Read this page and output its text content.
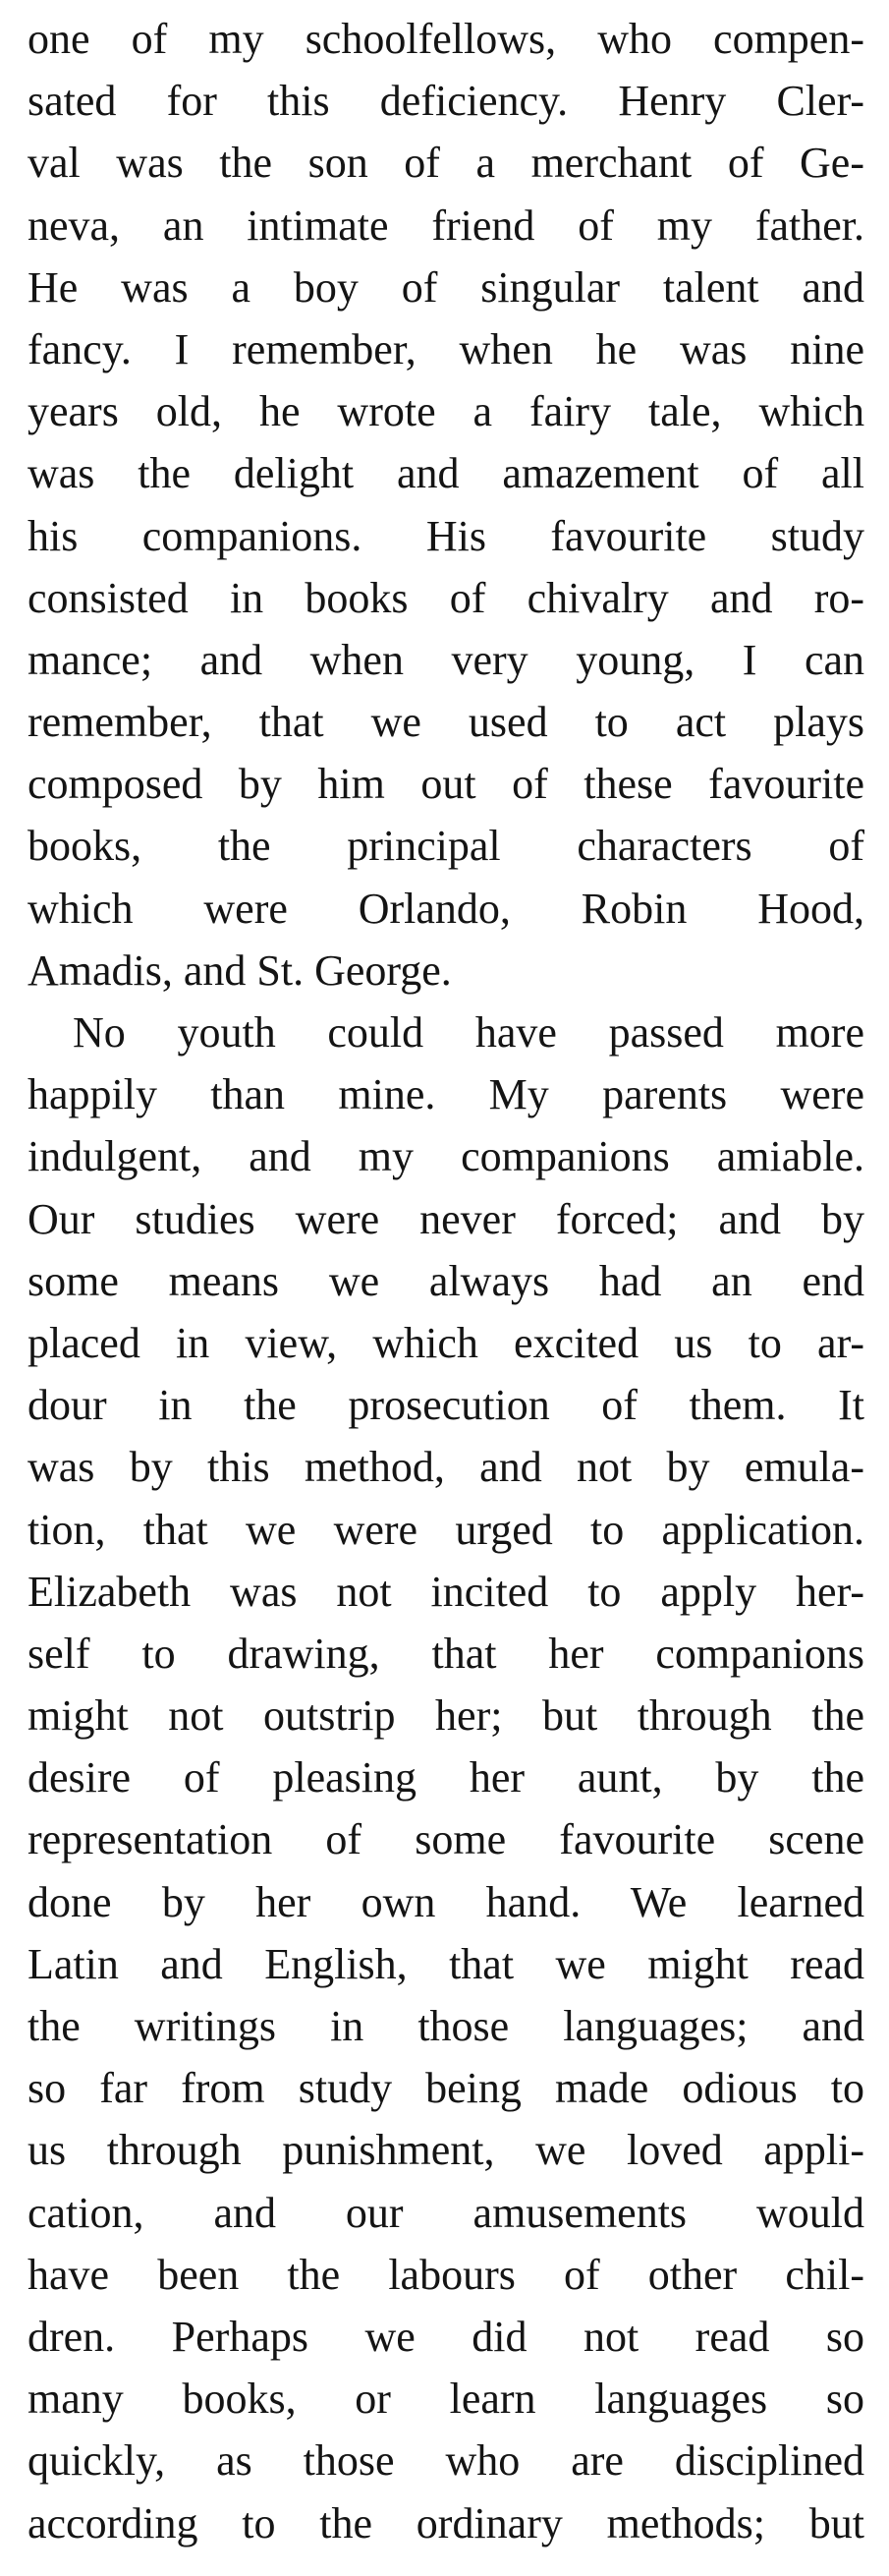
one of my schoolfellows, who compen-
sated for this deficiency. Henry Cler-
val was the son of a merchant of Ge-
neva, an intimate friend of my father.
He was a boy of singular talent and
fancy. I remember, when he was nine
years old, he wrote a fairy tale, which
was the delight and amazement of all
his companions. His favourite study
consisted in books of chivalry and ro-
mance; and when very young, I can
remember, that we used to act plays
composed by him out of these favourite
books, the principal characters of
which were Orlando, Robin Hood,
Amadis, and St. George.
No youth could have passed more
happily than mine. My parents were
indulgent, and my companions amiable.
Our studies were never forced; and by
some means we always had an end
placed in view, which excited us to ar-
dour in the prosecution of them. It
was by this method, and not by emula-
tion, that we were urged to application.
Elizabeth was not incited to apply her-
self to drawing, that her companions
might not outstrip her; but through the
desire of pleasing her aunt, by the
representation of some favourite scene
done by her own hand. We learned
Latin and English, that we might read
the writings in those languages; and
so far from study being made odious to
us through punishment, we loved appli-
cation, and our amusements would
have been the labours of other chil-
dren. Perhaps we did not read so
many books, or learn languages so
quickly, as those who are disciplined
according to the ordinary methods; but
